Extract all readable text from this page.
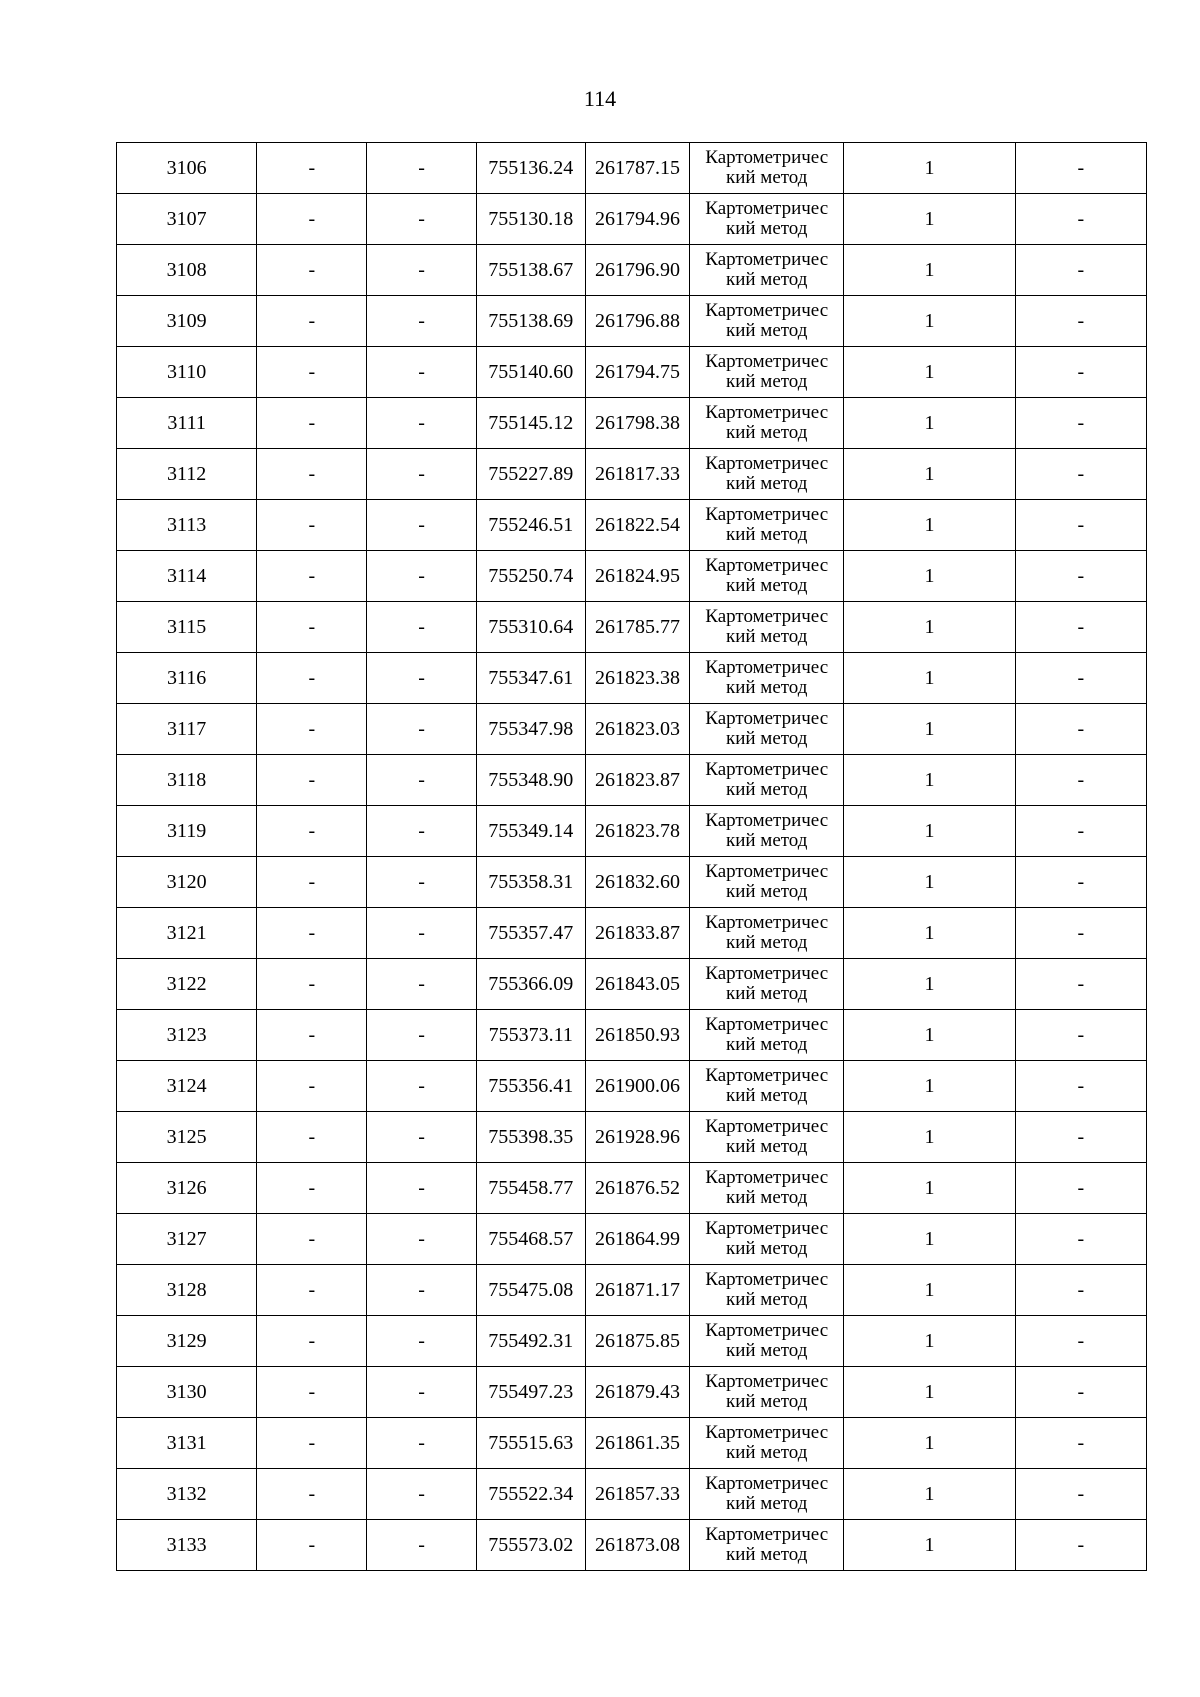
114
3106	-	-	755136.24	261787.15	Картометричес
кий метод	1	-
3107	-	-	755130.18	261794.96	Картометричес
кий метод	1	-
3108	-	-	755138.67	261796.90	Картометричес
кий метод	1	-
3109	-	-	755138.69	261796.88	Картометричес
кий метод	1	-
3110	-	-	755140.60	261794.75	Картометричес
кий метод	1	-
3111	-	-	755145.12	261798.38	Картометричес
кий метод	1	-
3112	-	-	755227.89	261817.33	Картометричес
кий метод	1	-
3113	-	-	755246.51	261822.54	Картометричес
кий метод	1	-
3114	-	-	755250.74	261824.95	Картометричес
кий метод	1	-
3115	-	-	755310.64	261785.77	Картометричес
кий метод	1	-
3116	-	-	755347.61	261823.38	Картометричес
кий метод	1	-
3117	-	-	755347.98	261823.03	Картометричес
кий метод	1	-
3118	-	-	755348.90	261823.87	Картометричес
кий метод	1	-
3119	-	-	755349.14	261823.78	Картометричес
кий метод	1	-
3120	-	-	755358.31	261832.60	Картометричес
кий метод	1	-
3121	-	-	755357.47	261833.87	Картометричес
кий метод	1	-
3122	-	-	755366.09	261843.05	Картометричес
кий метод	1	-
3123	-	-	755373.11	261850.93	Картометричес
кий метод	1	-
3124	-	-	755356.41	261900.06	Картометричес
кий метод	1	-
3125	-	-	755398.35	261928.96	Картометричес
кий метод	1	-
3126	-	-	755458.77	261876.52	Картометричес
кий метод	1	-
3127	-	-	755468.57	261864.99	Картометричес
кий метод	1	-
3128	-	-	755475.08	261871.17	Картометричес
кий метод	1	-
3129	-	-	755492.31	261875.85	Картометричес
кий метод	1	-
3130	-	-	755497.23	261879.43	Картометричес
кий метод	1	-
3131	-	-	755515.63	261861.35	Картометричес
кий метод	1	-
3132	-	-	755522.34	261857.33	Картометричес
кий метод	1	-
3133	-	-	755573.02	261873.08	Картометричес
кий метод	1	-
